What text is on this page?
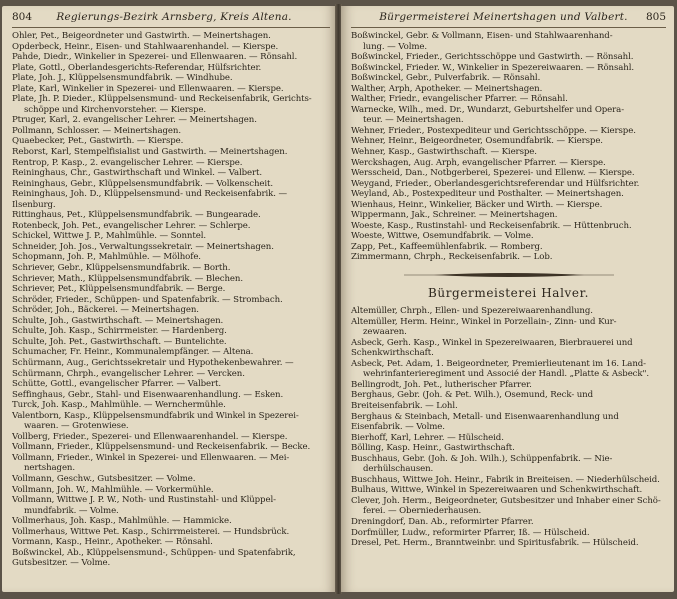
804 Regierungs-Bezirk Arnsberg, Kreis Altena.
Ohler, Pet., Beigeordneter und Gastwirth. — Meinertshagen.
Opderbeck, Heinr., Eisen- und Stahlwaarenhandel. — Kierspe.
Pahde, Diedr., Winkelier in Spezerei- und Ellenwaaren. — Rönsahl.
Plate, Gottl., Oberlandesgerichts-Referendar, Hülfsrichter.
Plate, Joh. J., Klüppelsensmundfabrik. — Windhube.
Plate, Karl, Winkelier in Spezerei- und Ellenwaaren. — Kierspe.
Plate, Jh. P. Dieder., Klüppelsensmund- und Reckeisenfabrik, Gerichts-
schöppe und Kirchenvorsteher. — Kierspe.
Ptruger, Karl, 2. evangelischer Lehrer. — Meinertshagen.
Pollmann, Schlosser. — Meinertshagen.
Quaebecker, Pet., Gastwirth. — Kierspe.
Reborst, Karl, Stempelfisialist und Gastwirth. — Meinertshagen.
Rentrop, P. Kasp., 2. evangelischer Lehrer. — Kierspe.
Reininghaus, Chr., Gastwirthschaft und Winkel. — Valbert.
Reininghaus, Gebr., Klüppelsensmundfabrik. — Volkenscheit.
Reininghaus, Joh. D., Klüppelsensmund- und Reckeisenfabrik. —
Ilsenburg.
Rittinghaus, Pet., Klüppelsensmundfabrik. — Bungearade.
Rotenbeck, Joh. Pet., evangelischer Lehrer. — Schlerpe.
Schickel, Wittwe J. P., Mahlmühle. — Sonntel.
Schneider, Joh. Jos., Verwaltungssekretair. — Meinertshagen.
Schopmann, Joh. P., Mahlmühle. — Mölhofe.
Schriever, Gebr., Klüppelsensmundfabrik. — Borth.
Schriever, Math., Klüppelsensmundfabrik. — Blechen.
Schriever, Pet., Klüppelsensmundfabrik. — Berge.
Schröder, Frieder., Schüppen- und Spatenfabrik. — Strombach.
Schröder, Joh., Bäckerei. — Meinertshagen.
Schulte, Joh., Gastwirthschaft. — Meinertshagen.
Schulte, Joh. Kasp., Schirrmeister. — Hardenberg.
Schulte, Joh. Pet., Gastwirthschaft. — Buntelichte.
Schumacher, Fr. Heinr., Kommunalempfänger. — Altena.
Schürmann, Aug., Gerichtssekretair und Hypothekenbewahrer. —
Schürmann, Chrph., evangelischer Lehrer. — Vercken.
Schütte, Gottl., evangelischer Pfarrer. — Valbert.
Seffinghaus, Gebr., Stahl- und Eisenwaarenhandlung. — Esken.
Turck, Joh. Kasp., Mahlmühle. — Wernchermühle.
Valentborn, Kasp., Klüppelsensmundfabrik und Winkel in Spezerei-
waaren. — Grotenwiese.
Vollberg, Frieder., Spezerei- und Ellenwaarenhandel. — Kierspe.
Vollmann, Frieder., Klüppelsensmund- und Reckeisenfabrik. — Becke.
Vollmann, Frieder., Winkel in Spezerei- und Ellenwaaren. — Mei-
nertshagen.
Vollmann, Geschw., Gutsbesitzer. — Volme.
Vollmann, Joh. W., Mahlmühle. — Vorkermühle.
Vollmann, Wittwe J. P. W., Noth- und Rustinstahl- und Klüppel-
mundfabrik. — Volme.
Vollmerhaus, Joh. Kasp., Mahlmühle. — Hammicke.
Vollmerhaus, Wittwe Pet. Kasp., Schirrmeisterei. — Hundsbrück.
Vormann, Kasp., Heinr., Apotheker. — Rönsahl.
Boßwinckel, Ab., Klüppelsensmund-, Schüppen- und Spatenfabrik,
Gutsbesitzer. — Volme.
Bürgermeisterei Meinertshagen und Valbert. 805
Boßwinckel, Gebr. & Vollmann, Eisen- und Stahlwaarenhand-
lung. — Volme.
Boßwinckel, Frieder., Gerichtsschöppe und Gastwirth. — Rönsahl.
Boßwinckel, Frieder. W., Winkelier in Spezereiwaaren. — Rönsahl.
Boßwinckel, Gebr., Pulverfabrik. — Rönsahl.
Walther, Arph, Apotheker. — Meinertshagen.
Walther, Friedr., evangelischer Pfarrer. — Rönsahl.
Warnecke, Wilh., med. Dr., Wundarzt, Geburtshelfer und Opera-
teur. — Meinertshagen.
Wehner, Frieder., Postexpediteur und Gerichtsschöppe. — Kierspe.
Wehner, Heinr., Beigeordneter, Osemundfabrik. — Kierspe.
Wehner, Kasp., Gastwirthschaft. — Kierspe.
Werckshagen, Aug. Arph, evangelischer Pfarrer. — Kierspe.
Wersscheid, Dan., Notbgerberei, Spezerei- und Ellenw. — Kierspe.
Weygand, Frieder., Oberlandesgerichtsreferendar und Hülfsrichter.
Weyland, Ab., Postexpediteur und Posthalter. — Meinertshagen.
Wienhaus, Heinr., Winkelier, Bäcker und Wirth. — Kierspe.
Wippermann, Jak., Schreiner. — Meinertshagen.
Woeste, Kasp., Rustinstahl- und Reckeisenfabrik. — Hüttenbruch.
Woeste, Wittwe, Osemundfabrik. — Volme.
Zapp, Pet., Kaffeemühlenfabrik. — Romberg.
Zimmermann, Chrph., Reckeisenfabrik. — Lob.
Bürgermeisterei Halver.
Altemüller, Chrph., Ellen- und Spezereiwaarenhandlung.
Altemüller, Herm. Heinr., Winkel in Porzellain-, Zinn- und Kur-
zewaaren.
Asbeck, Gerh. Kasp., Winkel in Spezereiwaaren, Bierbrauerei und
Schenkwirthschaft.
Asbeck, Pet. Adam, 1. Beigeordneter, Premierlieutenant im 16. Land-
wehrinfanterieregiment und Associé der Handl. „Platte & Asbeck".
Bellingrodt, Joh. Pet., lutherischer Pfarrer.
Berghaus, Gebr. (Joh. & Pet. Wilh.), Osemund, Reck- und
Breiteisenfabrik. — Lohl.
Berghaus & Steinbach, Metall- und Eisenwaarenhandlung und
Eisenfabrik. — Volme.
Bierhoff, Karl, Lehrer. — Hülscheid.
Bölling, Kasp. Heinr., Gastwirthschaft.
Buschhaus, Gebr. (Joh. & Joh. Wilh.), Schüppenfabrik. — Nie-
derhülschausen.
Buschhaus, Wittwe Joh. Heinr., Fabrik in Breiteisen. — Niederhülscheid.
Bulhaus, Wittwe, Winkel in Spezereiwaaren und Schenkwirthschaft.
Clever, Joh. Herm., Beigeordneter, Gutsbesitzer und Inhaber einer Schö-
ferei. — Oberniederhausen.
Dreningdorf, Dan. Ab., reformirter Pfarrer.
Dorfmüller, Ludw., reformirter Pfarrer, Iß. — Hülscheid.
Dresel, Pet. Herm., Branntweinbr. und Spiritusfabrik. — Hülscheid.
